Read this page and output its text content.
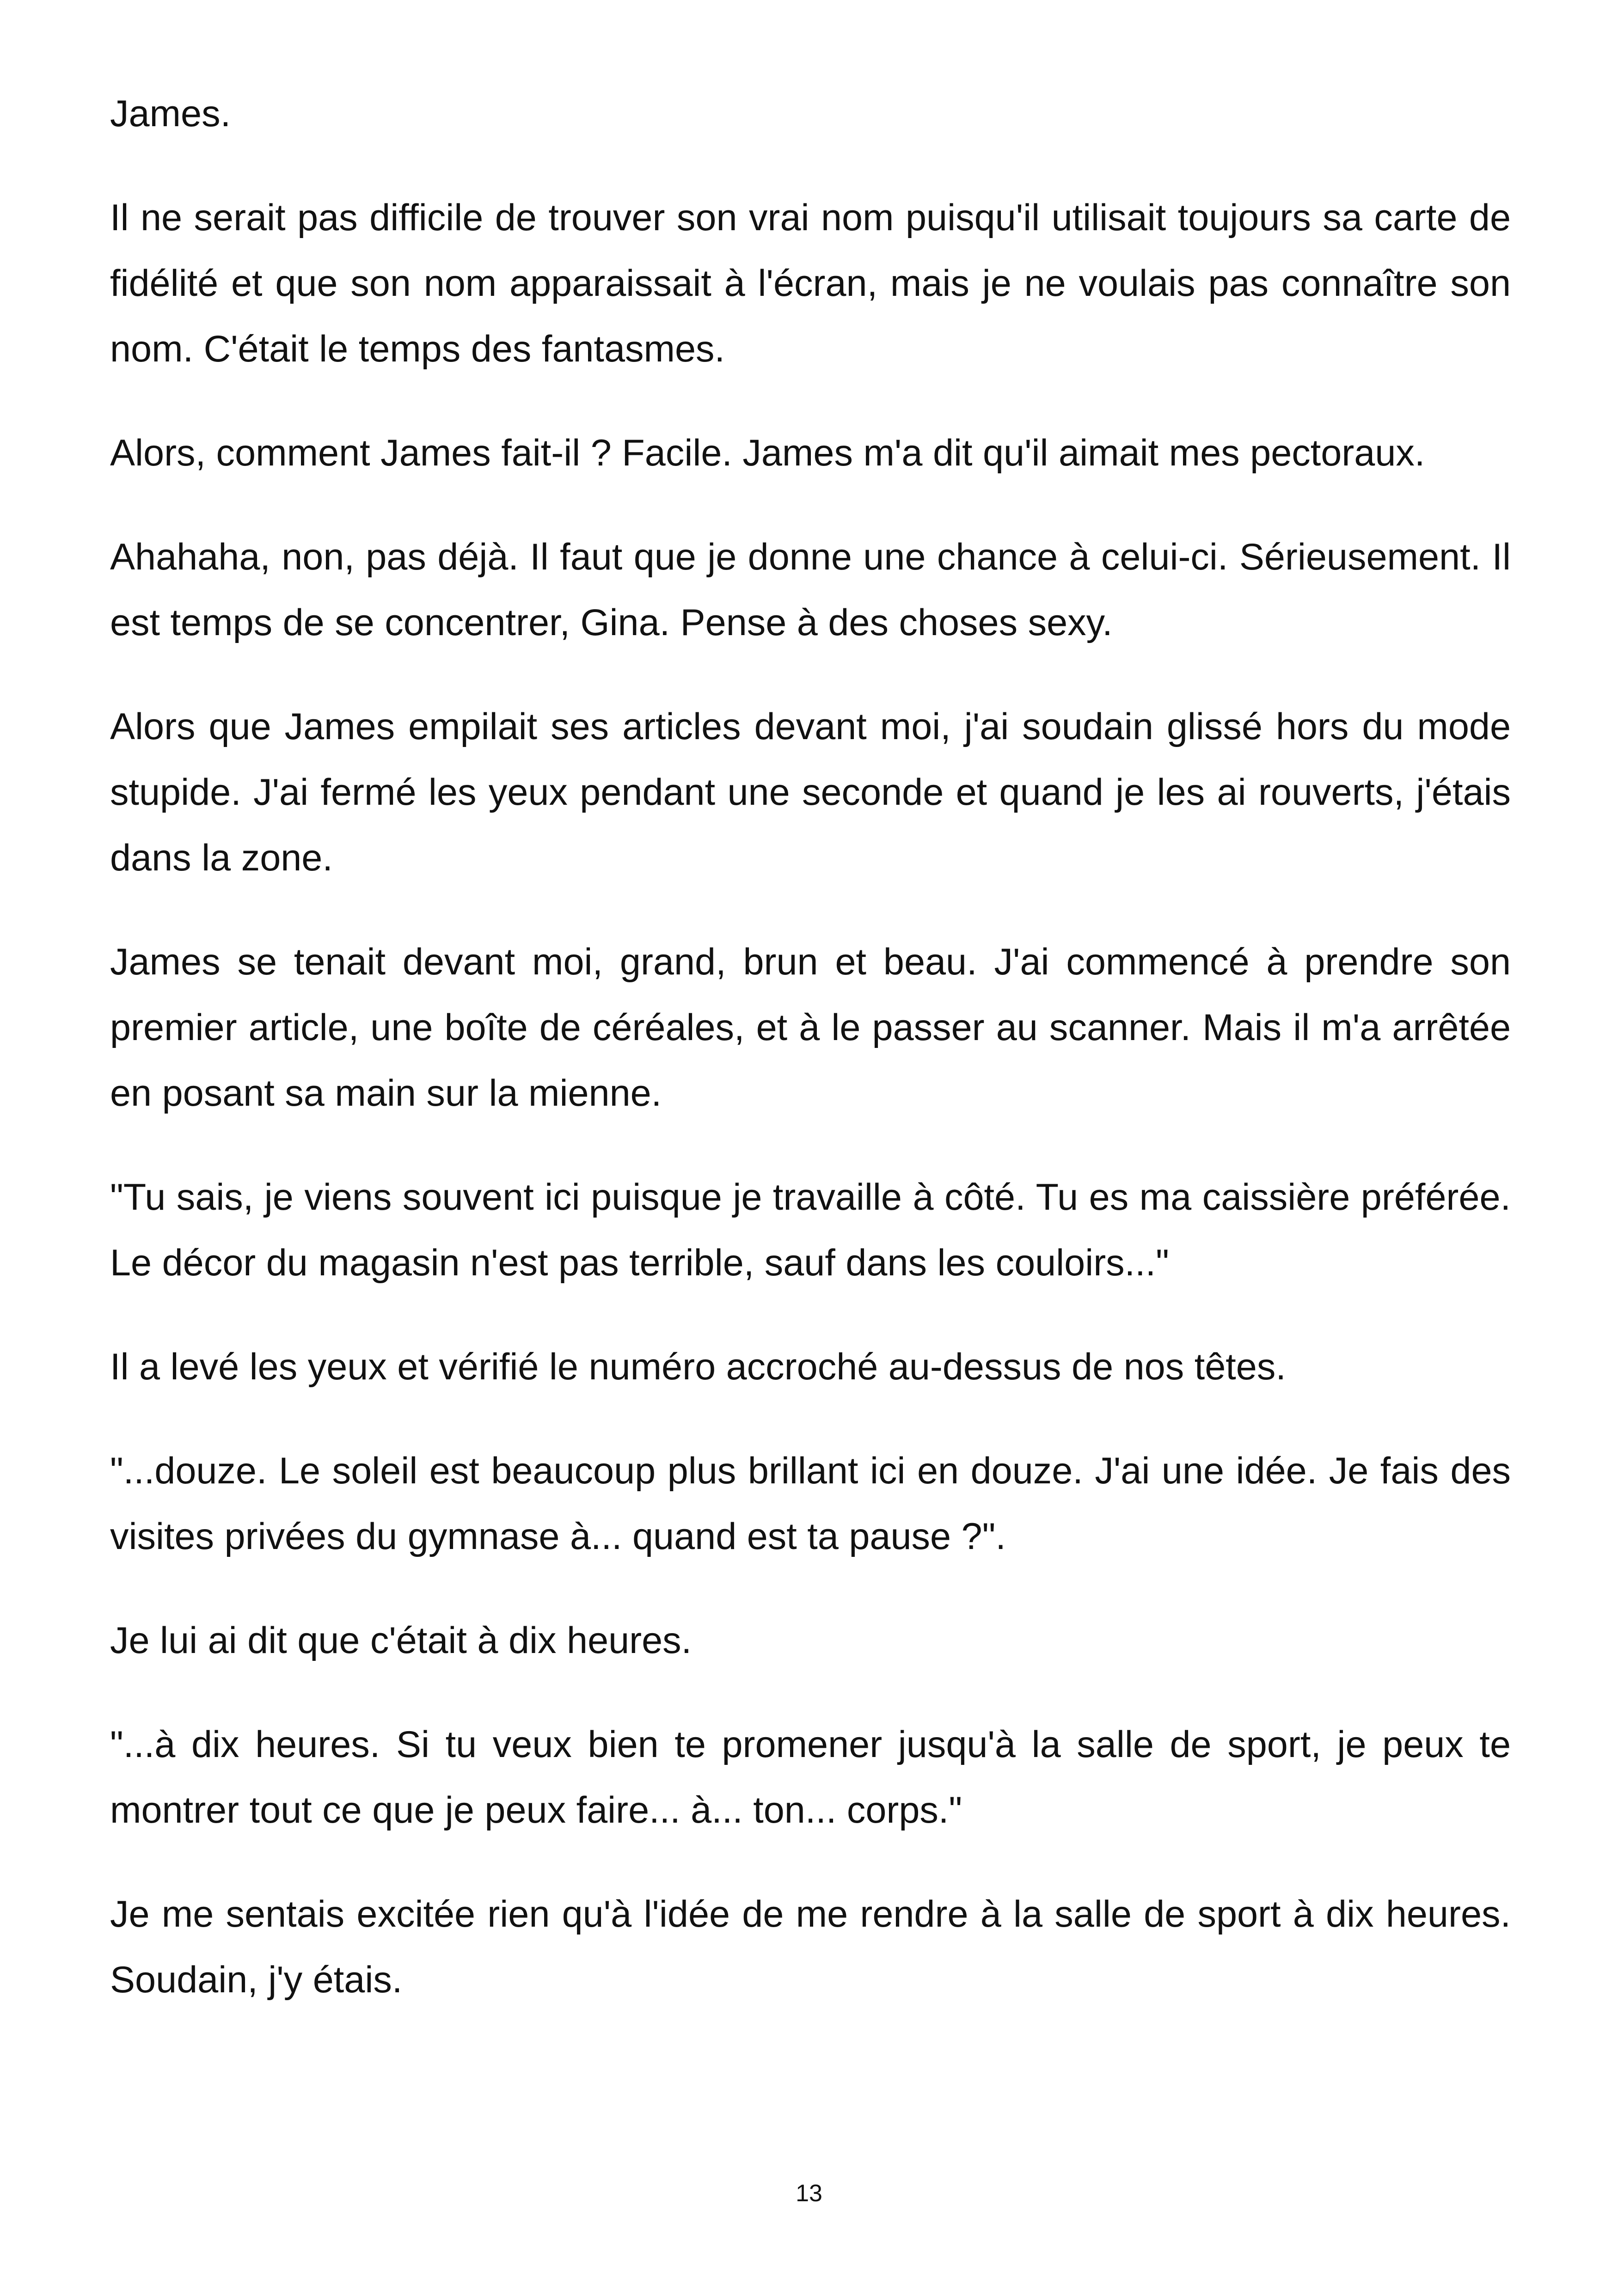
James.

Il ne serait pas difficile de trouver son vrai nom puisqu'il utilisait toujours sa carte de fidélité et que son nom apparaissait à l'écran, mais je ne voulais pas connaître son nom. C'était le temps des fantasmes.

Alors, comment James fait-il ? Facile. James m'a dit qu'il aimait mes pectoraux.

Ahahaha, non, pas déjà. Il faut que je donne une chance à celui-ci. Sérieusement. Il est temps de se concentrer, Gina. Pense à des choses sexy.

Alors que James empilait ses articles devant moi, j'ai soudain glissé hors du mode stupide. J'ai fermé les yeux pendant une seconde et quand je les ai rouverts, j'étais dans la zone.

James se tenait devant moi, grand, brun et beau. J'ai commencé à prendre son premier article, une boîte de céréales, et à le passer au scanner. Mais il m'a arrêtée en posant sa main sur la mienne.

"Tu sais, je viens souvent ici puisque je travaille à côté. Tu es ma caissière préférée. Le décor du magasin n'est pas terrible, sauf dans les couloirs..."

Il a levé les yeux et vérifié le numéro accroché au-dessus de nos têtes.

"...douze. Le soleil est beaucoup plus brillant ici en douze. J'ai une idée. Je fais des visites privées du gymnase à... quand est ta pause ?".

Je lui ai dit que c'était à dix heures.

"...à dix heures. Si tu veux bien te promener jusqu'à la salle de sport, je peux te montrer tout ce que je peux faire... à... ton... corps."

Je me sentais excitée rien qu'à l'idée de me rendre à la salle de sport à dix heures. Soudain, j'y étais.

13
